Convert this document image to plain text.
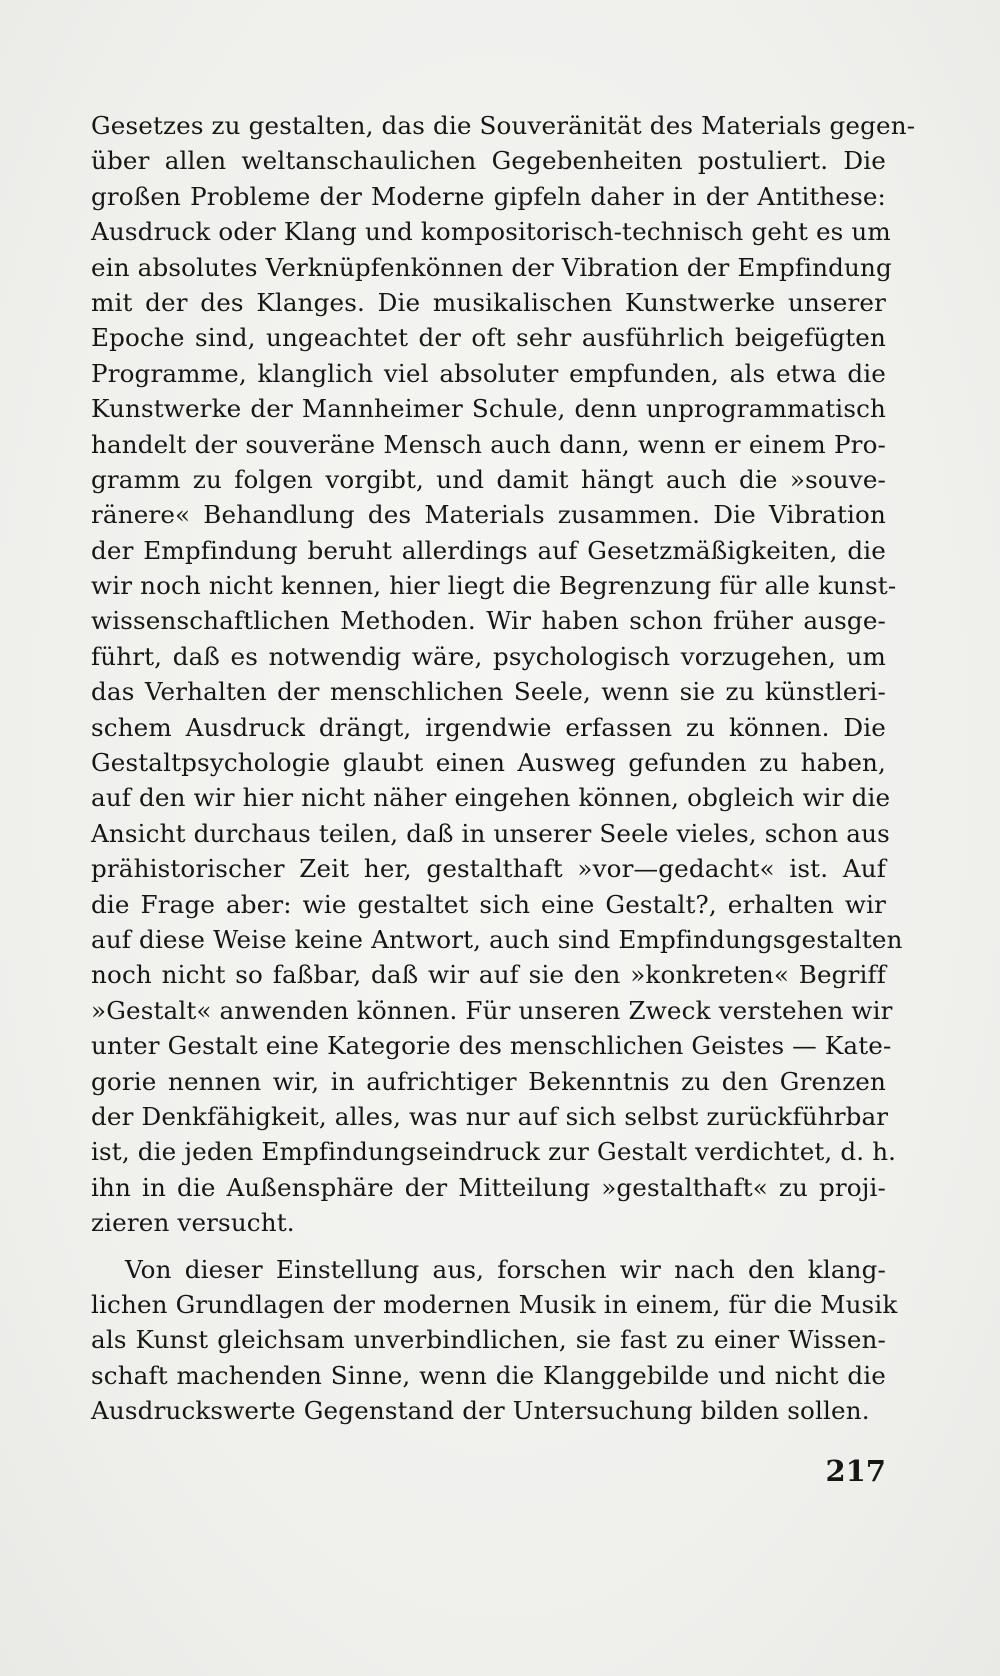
Gesetzes zu gestalten, das die Souveränität des Materials gegen-
über allen weltanschaulichen Gegebenheiten postuliert. Die
großen Probleme der Moderne gipfeln daher in der Antithese:
Ausdruck oder Klang und kompositorisch-technisch geht es um
ein absolutes Verknüpfenkönnen der Vibration der Empfindung
mit der des Klanges. Die musikalischen Kunstwerke unserer
Epoche sind, ungeachtet der oft sehr ausführlich beigefügten
Programme, klanglich viel absoluter empfunden, als etwa die
Kunstwerke der Mannheimer Schule, denn unprogrammatisch
handelt der souveräne Mensch auch dann, wenn er einem Pro-
gramm zu folgen vorgibt, und damit hängt auch die »souve-
ränere« Behandlung des Materials zusammen. Die Vibration
der Empfindung beruht allerdings auf Gesetzmäßigkeiten, die
wir noch nicht kennen, hier liegt die Begrenzung für alle kunst-
wissenschaftlichen Methoden. Wir haben schon früher ausge-
führt, daß es notwendig wäre, psychologisch vorzugehen, um
das Verhalten der menschlichen Seele, wenn sie zu künstleri-
schem Ausdruck drängt, irgendwie erfassen zu können. Die
Gestaltpsychologie glaubt einen Ausweg gefunden zu haben,
auf den wir hier nicht näher eingehen können, obgleich wir die
Ansicht durchaus teilen, daß in unserer Seele vieles, schon aus
prähistorischer Zeit her, gestalthaft »vor—gedacht« ist. Auf
die Frage aber: wie gestaltet sich eine Gestalt?, erhalten wir
auf diese Weise keine Antwort, auch sind Empfindungsgestalten
noch nicht so faßbar, daß wir auf sie den »konkreten« Begriff
»Gestalt« anwenden können. Für unseren Zweck verstehen wir
unter Gestalt eine Kategorie des menschlichen Geistes — Kate-
gorie nennen wir, in aufrichtiger Bekenntnis zu den Grenzen
der Denkfähigkeit, alles, was nur auf sich selbst zurückführbar
ist, die jeden Empfindungseindruck zur Gestalt verdichtet, d. h.
ihn in die Außensphäre der Mitteilung »gestalthaft« zu proji-
zieren versucht.
Von dieser Einstellung aus, forschen wir nach den klang-
lichen Grundlagen der modernen Musik in einem, für die Musik
als Kunst gleichsam unverbindlichen, sie fast zu einer Wissen-
schaft machenden Sinne, wenn die Klanggebilde und nicht die
Ausdruckswerte Gegenstand der Untersuchung bilden sollen.
217
